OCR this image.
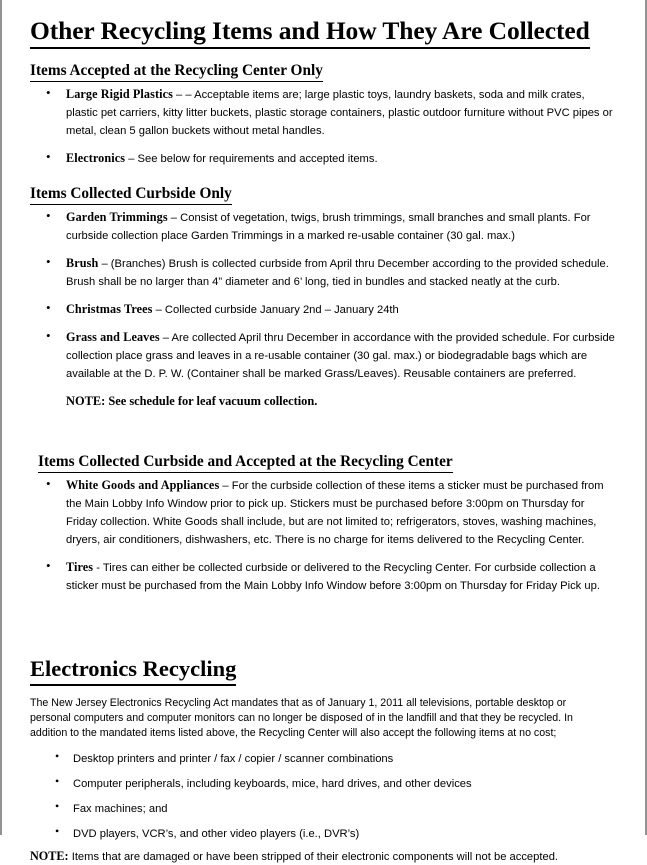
Other Recycling Items and How They Are Collected
Items Accepted at the Recycling Center Only
• Large Rigid Plastics – – Acceptable items are; large plastic toys, laundry baskets, soda and milk crates, plastic pet carriers, kitty litter buckets, plastic storage containers, plastic outdoor furniture without PVC pipes or metal, clean 5 gallon buckets without metal handles.
• Electronics – See below for requirements and accepted items.
Items Collected Curbside Only
• Garden Trimmings – Consist of vegetation, twigs, brush trimmings, small branches and small plants. For curbside collection place Garden Trimmings in a marked re-usable container (30 gal. max.)
• Brush – (Branches) Brush is collected curbside from April thru December according to the provided schedule. Brush shall be no larger than 4” diameter and 6’ long, tied in bundles and stacked neatly at the curb.
• Christmas Trees – Collected curbside January 2nd – January 24th
• Grass and Leaves – Are collected April thru December in accordance with the provided schedule. For curbside collection place grass and leaves in a re-usable container (30 gal. max.) or biodegradable bags which are available at the D. P. W. (Container shall be marked Grass/Leaves). Reusable containers are preferred.
NOTE: See schedule for leaf vacuum collection.
Items Collected Curbside and Accepted at the Recycling Center
• White Goods and Appliances – For the curbside collection of these items a sticker must be purchased from the Main Lobby Info Window prior to pick up. Stickers must be purchased before 3:00pm on Thursday for Friday collection. White Goods shall include, but are not limited to; refrigerators, stoves, washing machines, dryers, air conditioners, dishwashers, etc. There is no charge for items delivered to the Recycling Center.
• Tires - Tires can either be collected curbside or delivered to the Recycling Center. For curbside collection a sticker must be purchased from the Main Lobby Info Window before 3:00pm on Thursday for Friday Pick up.
Electronics Recycling
The New Jersey Electronics Recycling Act mandates that as of January 1, 2011 all televisions, portable desktop or personal computers and computer monitors can no longer be disposed of in the landfill and that they be recycled. In addition to the mandated items listed above, the Recycling Center will also accept the following items at no cost;
• Desktop printers and printer / fax / copier / scanner combinations
• Computer peripherals, including keyboards, mice, hard drives, and other devices
• Fax machines; and
• DVD players, VCR’s, and other video players (i.e., DVR’s)
NOTE: Items that are damaged or have been stripped of their electronic components will not be accepted.
